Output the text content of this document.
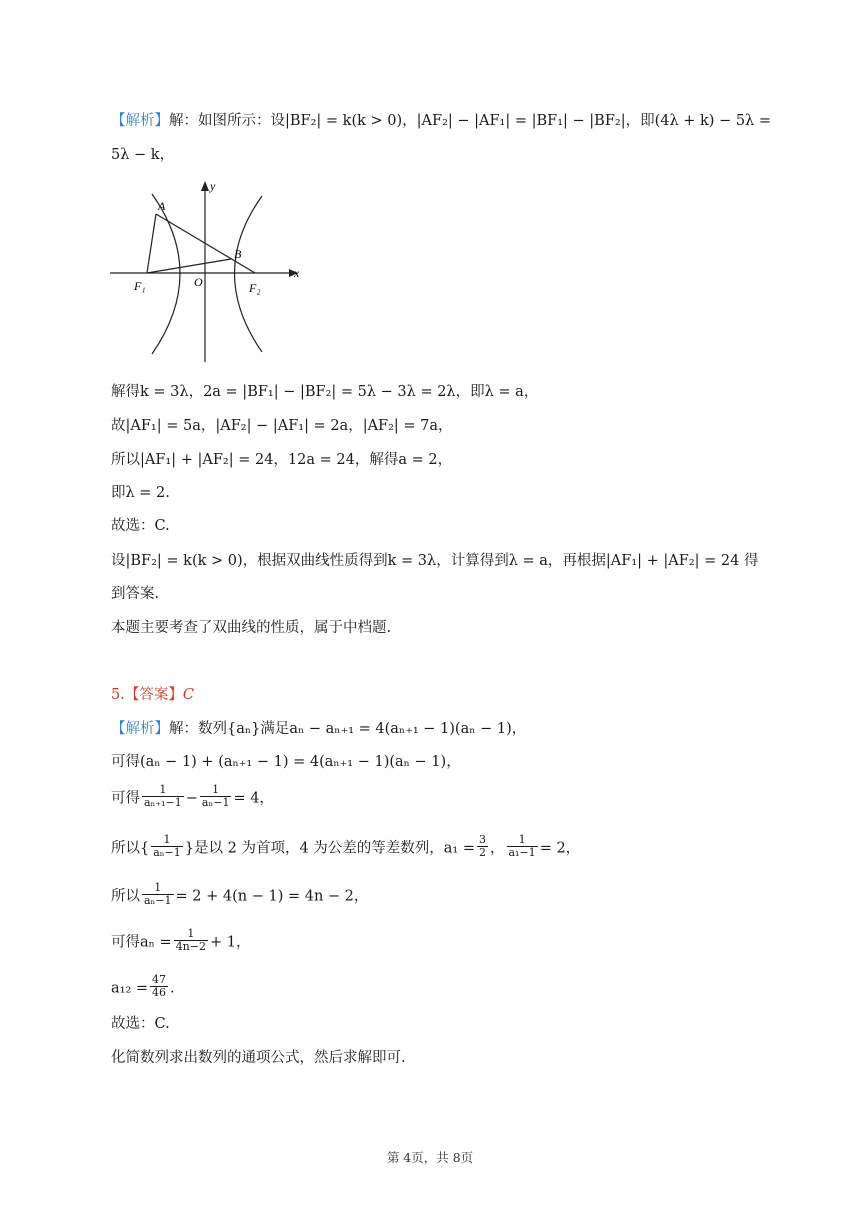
【解析】解：如图所示：设|BF₂| = k(k > 0)，|AF₂| − |AF₁| = |BF₁| − |BF₂|，即(4λ + k) − 5λ =
5λ − k，
A
B
F₁	O	F₂
x
y
解得k = 3λ，2a = |BF₁| − |BF₂| = 5λ − 3λ = 2λ，即λ = a，
故|AF₁| = 5a，|AF₂| − |AF₁| = 2a，|AF₂| = 7a，
所以|AF₁| + |AF₂| = 24，12a = 24，解得a = 2，
即λ = 2.
故选：C.
设|BF₂| = k(k > 0)，根据双曲线性质得到k = 3λ，计算得到λ = a，再根据|AF₁| + |AF₂| = 24 得
到答案.
本题主要考查了双曲线的性质，属于中档题.
5.【答案】C
【解析】解：数列{aₙ}满足aₙ − aₙ₊₁ = 4(aₙ₊₁ − 1)(aₙ − 1)，
可得(aₙ − 1) + (aₙ₊₁ − 1) = 4(aₙ₊₁ − 1)(aₙ − 1)，
可得 $\frac{1}{\text{aₙ₊₁−1}} - \frac{1}{\text{aₙ−1}} = 4$，
所以{ $\frac{1}{\text{aₙ−1}}$ }是以 2 为首项，4 为公差的等差数列，$a_1 = \frac{3}{2}$ ， $\frac{1}{\text{a₁−1}} = 2$，
所以 $\frac{1}{\text{aₙ−1}} = 2 + 4(n - 1) = 4n - 2$，
可得$a_n = \frac{1}{4n-2} + 1$，
$a_{12} = \frac{47}{46}$ .
故选：C.
化简数列求出数列的通项公式，然后求解即可.
第 4页，共 8页
